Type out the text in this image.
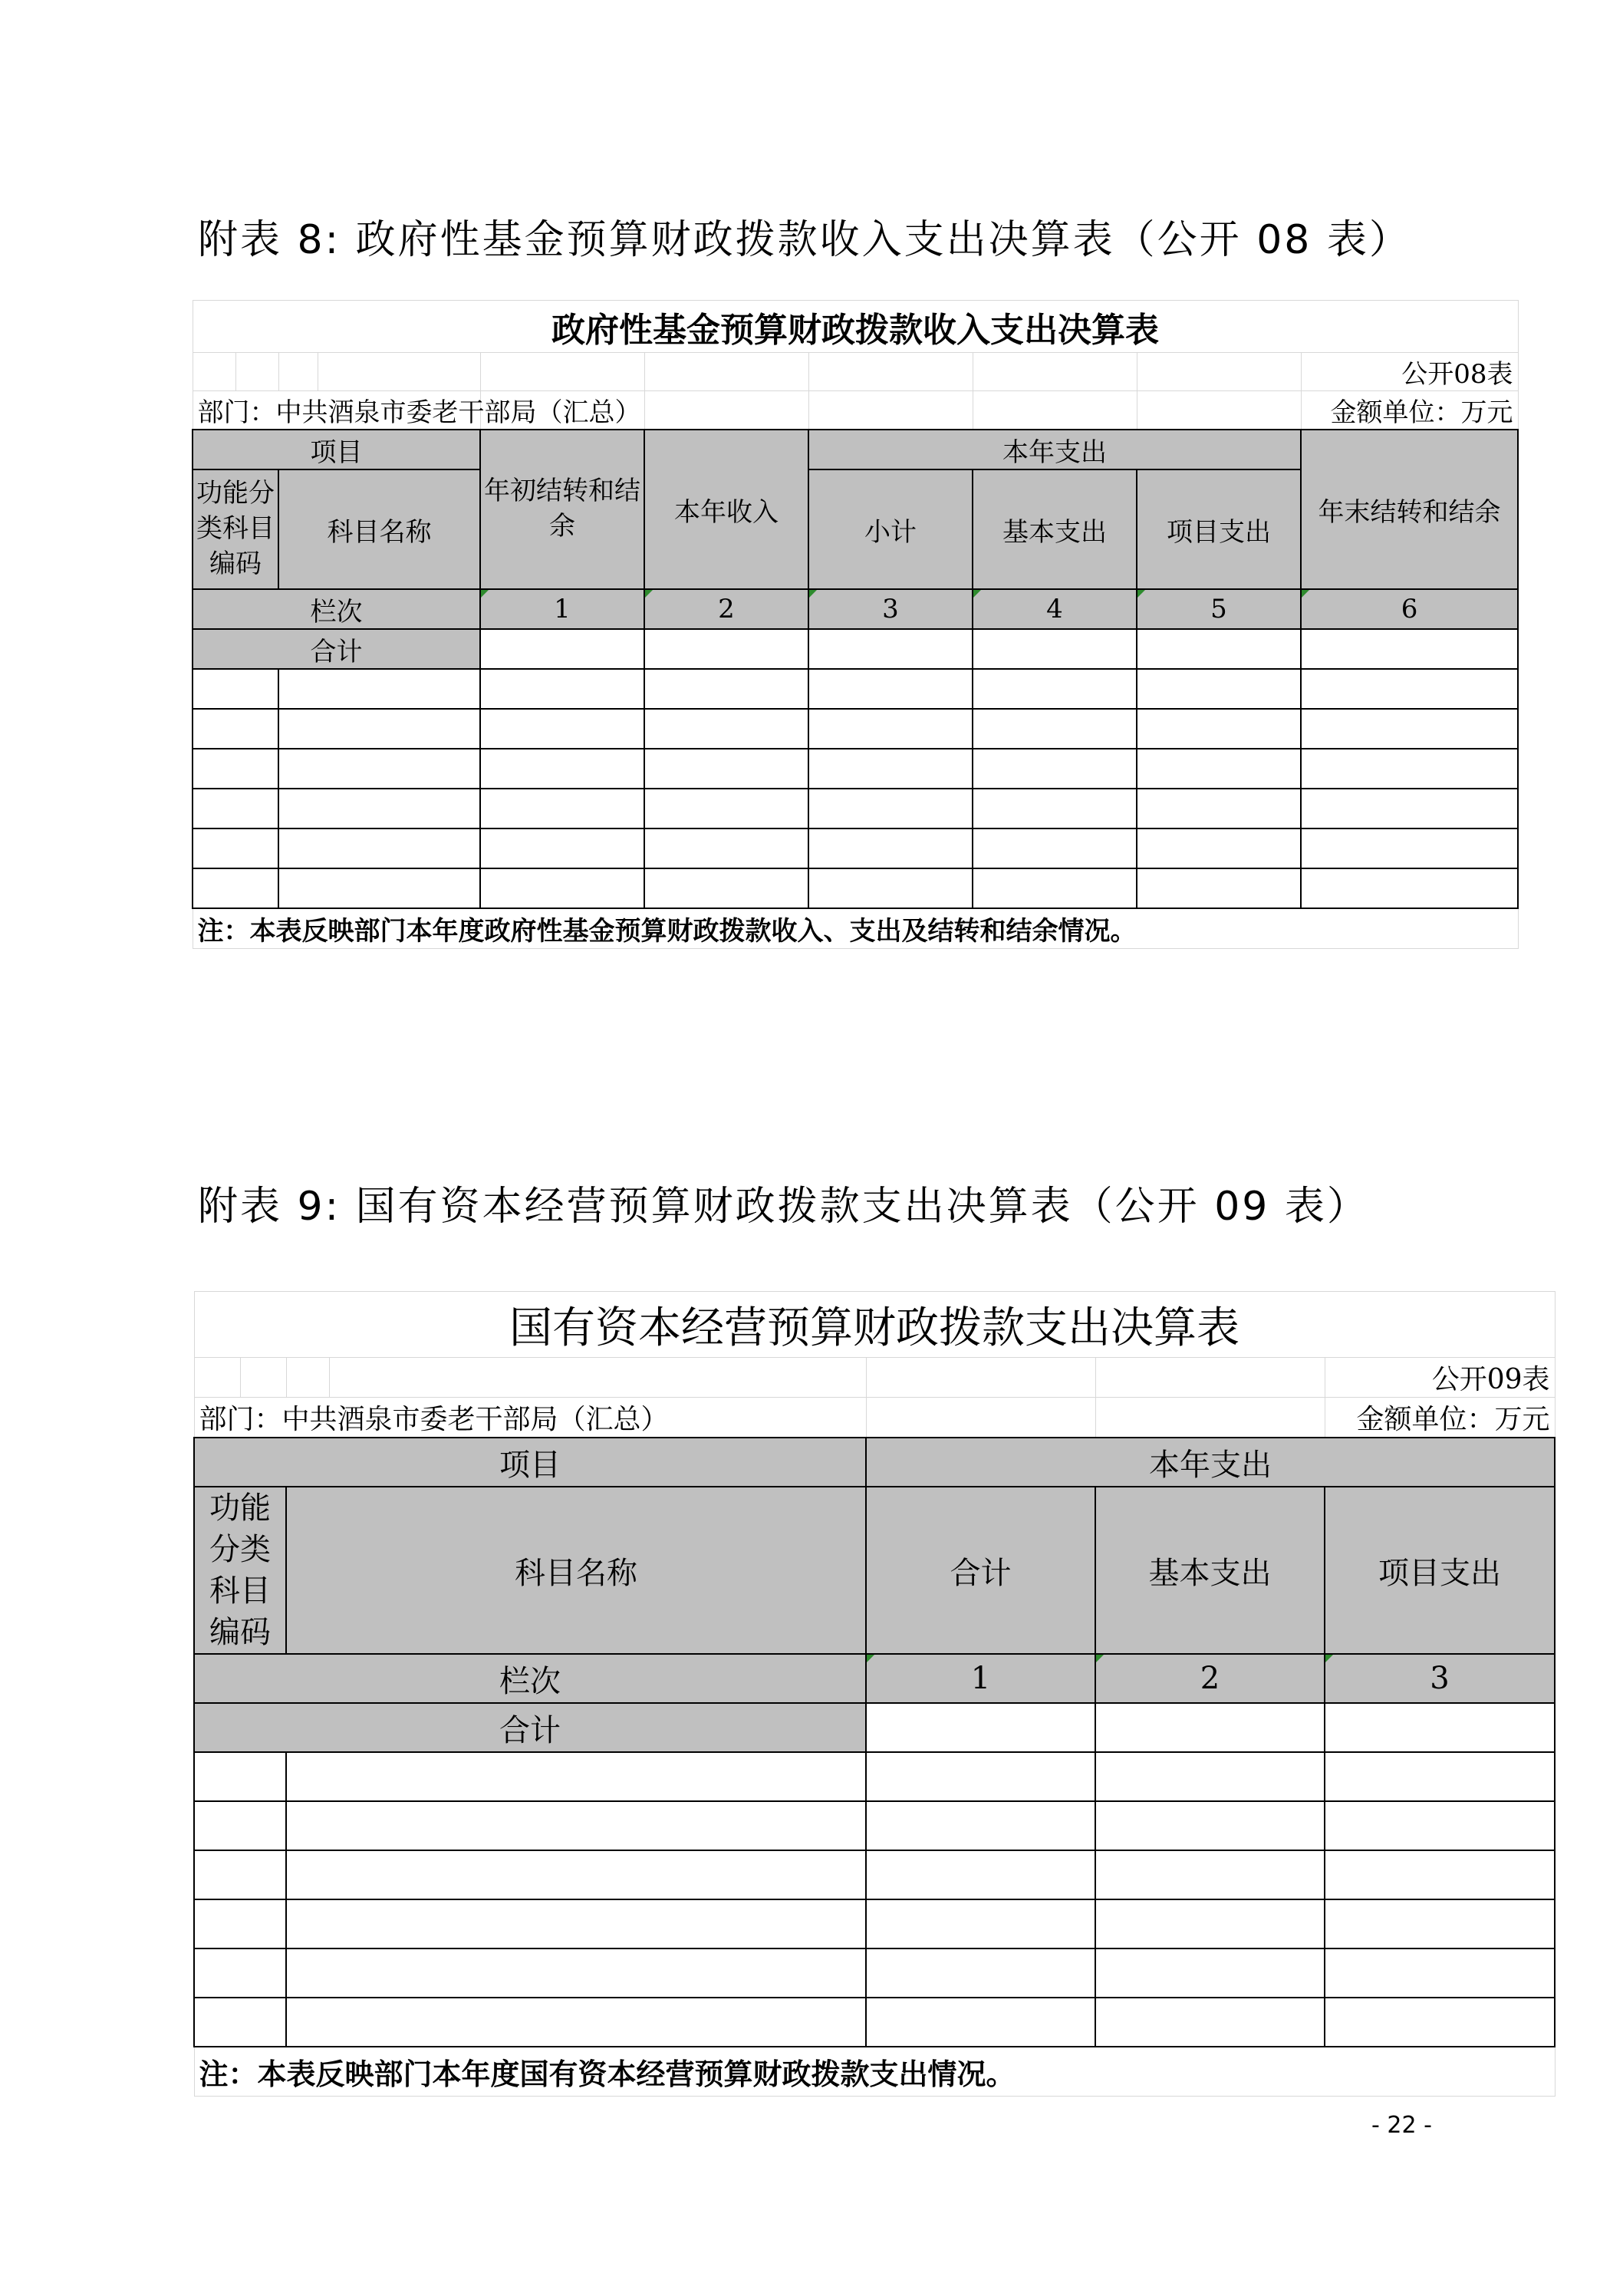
附表 8: 政府性基金预算财政拨款收入支出决算表（公开 08 表）
政府性基金预算财政拨款收入支出决算表									
									公开08表
部门：中共酒泉市委老干部局（汇总）									金额单位：万元
项目				年初结转和结余	本年收入	本年支出			年末结转和结余
功能分类科目编码		科目名称				小计	基本支出	项目支出	
栏次				1	2	3	4	5	6
合计									

注：本表反映部门本年度政府性基金预算财政拨款收入、支出及结转和结余情况。									
附表 9: 国有资本经营预算财政拨款支出决算表（公开 09 表）
国有资本经营预算财政拨款支出决算表						
						公开09表
部门：中共酒泉市委老干部局（汇总）						金额单位：万元
项目				本年支出		
功能分类科目编码		科目名称		合计	基本支出	项目支出
栏次				1	2	3
合计						

注：本表反映部门本年度国有资本经营预算财政拨款支出情况。						
- 22 -
